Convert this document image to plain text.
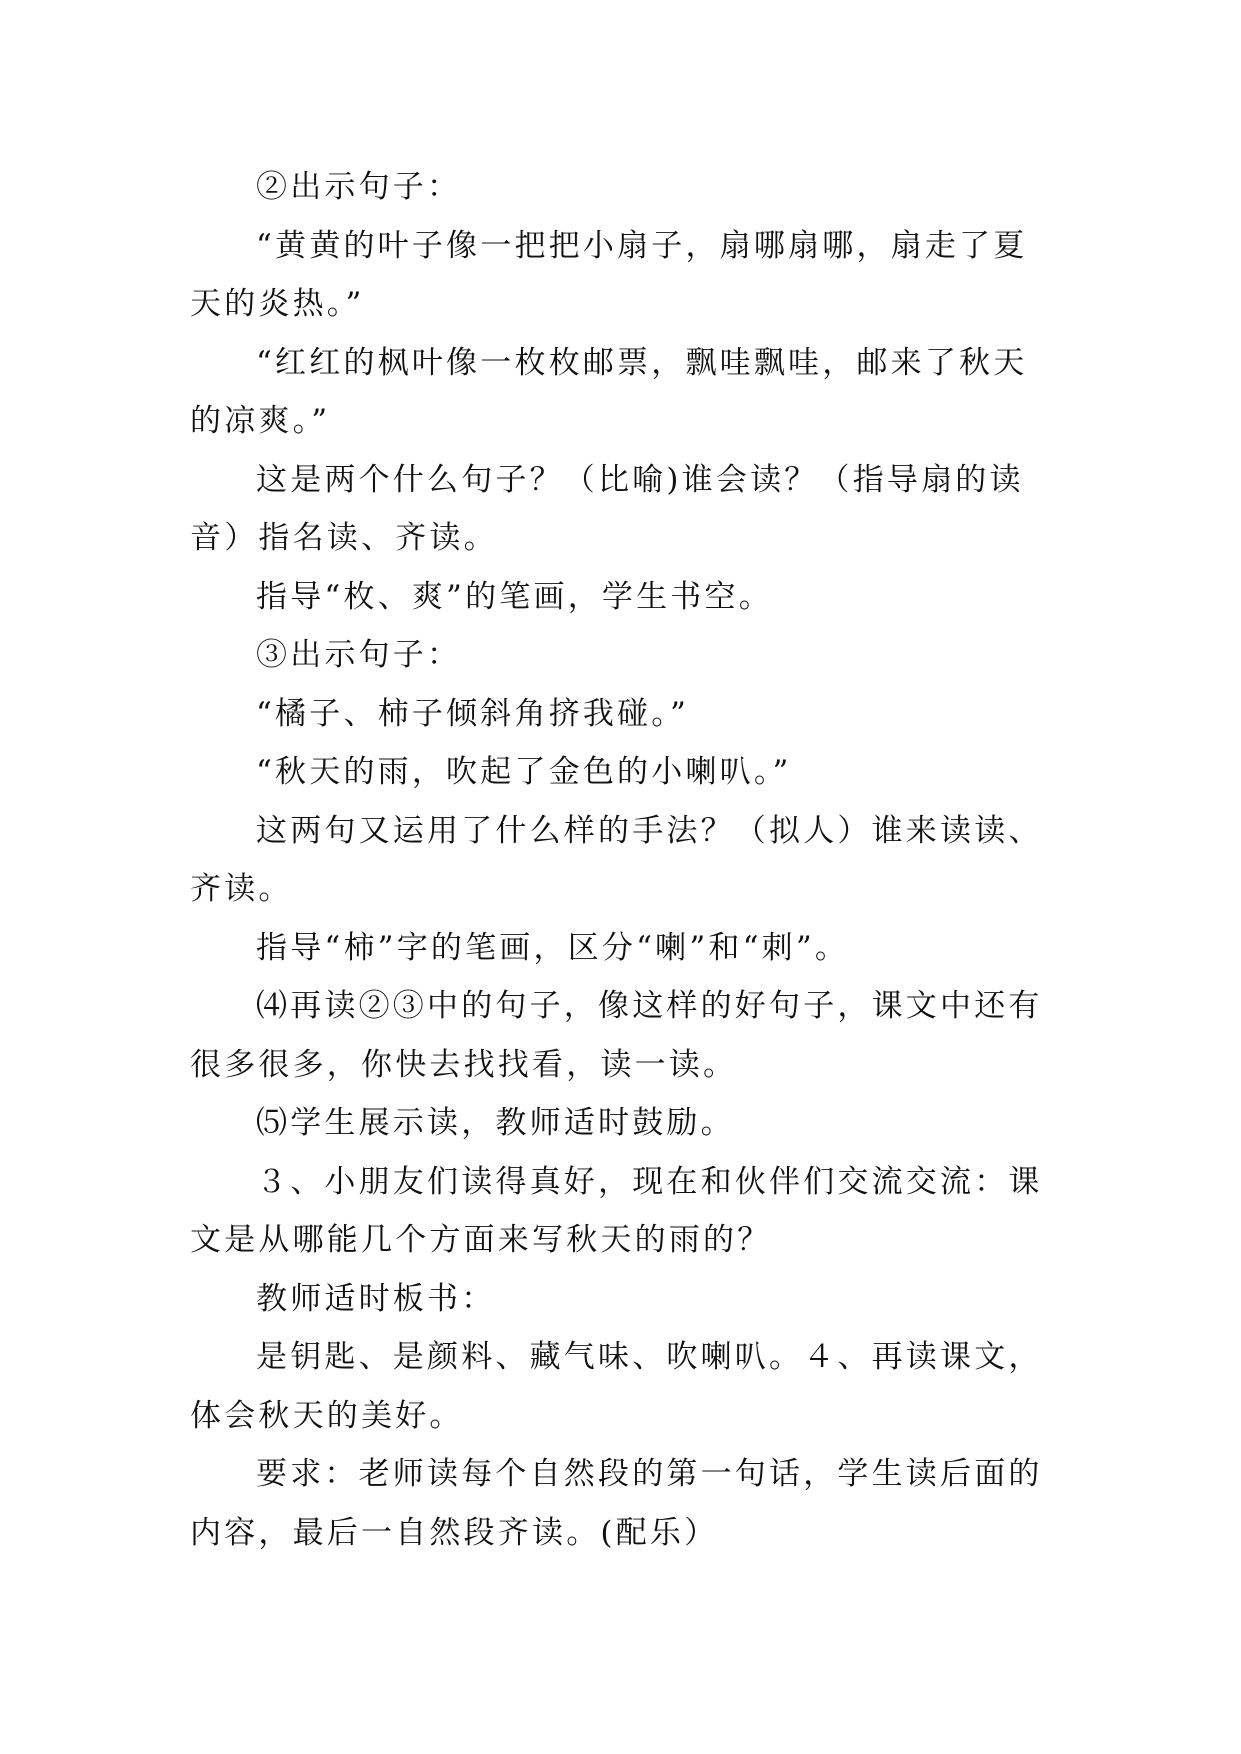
②出示句子：

“黄黄的叶子像一把把小扇子，扇哪扇哪，扇走了夏天的炎热。”

“红红的枫叶像一枚枚邮票，飘哇飘哇，邮来了秋天的凉爽。”

这是两个什么句子？（比喻)谁会读？（指导扇的读音）指名读、齐读。

指导“枚、爽”的笔画，学生书空。

③出示句子：

“橘子、柿子倾斜角挤我碰。”

“秋天的雨，吹起了金色的小喇叭。”

这两句又运用了什么样的手法？（拟人）谁来读读、齐读。

指导“柿”字的笔画，区分“喇”和“刺”。

⑷再读②③中的句子，像这样的好句子，课文中还有很多很多，你快去找找看，读一读。

⑸学生展示读，教师适时鼓励。

３、小朋友们读得真好，现在和伙伴们交流交流：课文是从哪能几个方面来写秋天的雨的？

教师适时板书：

是钥匙、是颜料、藏气味、吹喇叭。４、再读课文，体会秋天的美好。

要求：老师读每个自然段的第一句话，学生读后面的内容，最后一自然段齐读。(配乐）
